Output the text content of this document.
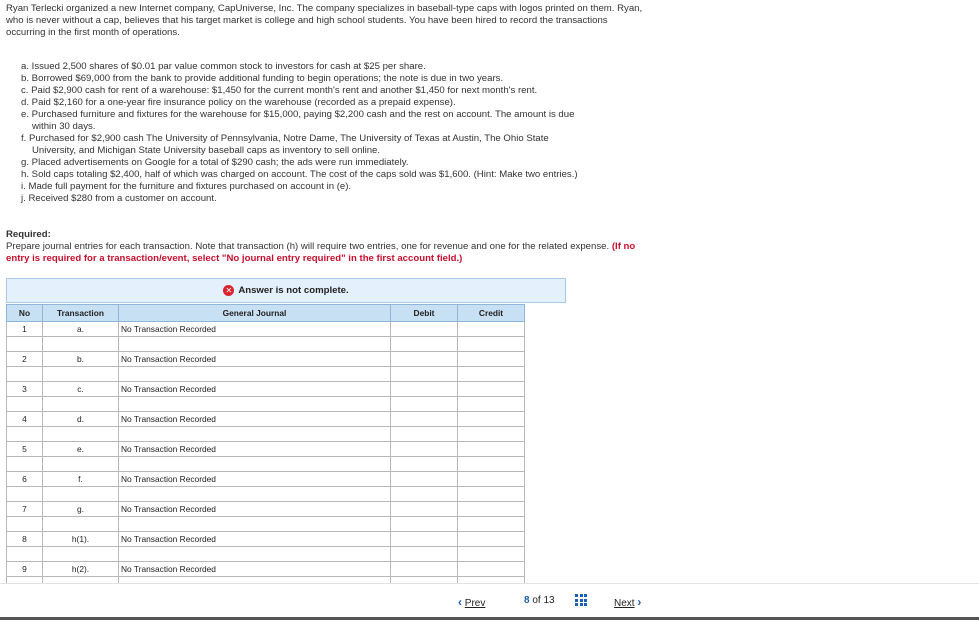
Ryan Terlecki organized a new Internet company, CapUniverse, Inc. The company specializes in baseball-type caps with logos printed on them. Ryan, who is never without a cap, believes that his target market is college and high school students. You have been hired to record the transactions occurring in the first month of operations.
a. Issued 2,500 shares of $0.01 par value common stock to investors for cash at $25 per share.
b. Borrowed $69,000 from the bank to provide additional funding to begin operations; the note is due in two years.
c. Paid $2,900 cash for rent of a warehouse: $1,450 for the current month's rent and another $1,450 for next month's rent.
d. Paid $2,160 for a one-year fire insurance policy on the warehouse (recorded as a prepaid expense).
e. Purchased furniture and fixtures for the warehouse for $15,000, paying $2,200 cash and the rest on account. The amount is due
within 30 days.
f. Purchased for $2,900 cash The University of Pennsylvania, Notre Dame, The University of Texas at Austin, The Ohio State
University, and Michigan State University baseball caps as inventory to sell online.
g. Placed advertisements on Google for a total of $290 cash; the ads were run immediately.
h. Sold caps totaling $2,400, half of which was charged on account. The cost of the caps sold was $1,600. (Hint: Make two entries.)
i. Made full payment for the furniture and fixtures purchased on account in (e).
j. Received $280 from a customer on account.
Required:
Prepare journal entries for each transaction. Note that transaction (h) will require two entries, one for revenue and one for the related expense. (If no entry is required for a transaction/event, select "No journal entry required" in the first account field.)
✕ Answer is not complete.
No	Transaction	General Journal	Debit	Credit
1	a.	No Transaction Recorded		

2	b.	No Transaction Recorded		

3	c.	No Transaction Recorded		

4	d.	No Transaction Recorded		

5	e.	No Transaction Recorded		

6	f.	No Transaction Recorded		

7	g.	No Transaction Recorded		

8	h(1).	No Transaction Recorded		

9	h(2).	No Transaction Recorded		

‹ Prev	8 of 13	Next ›
